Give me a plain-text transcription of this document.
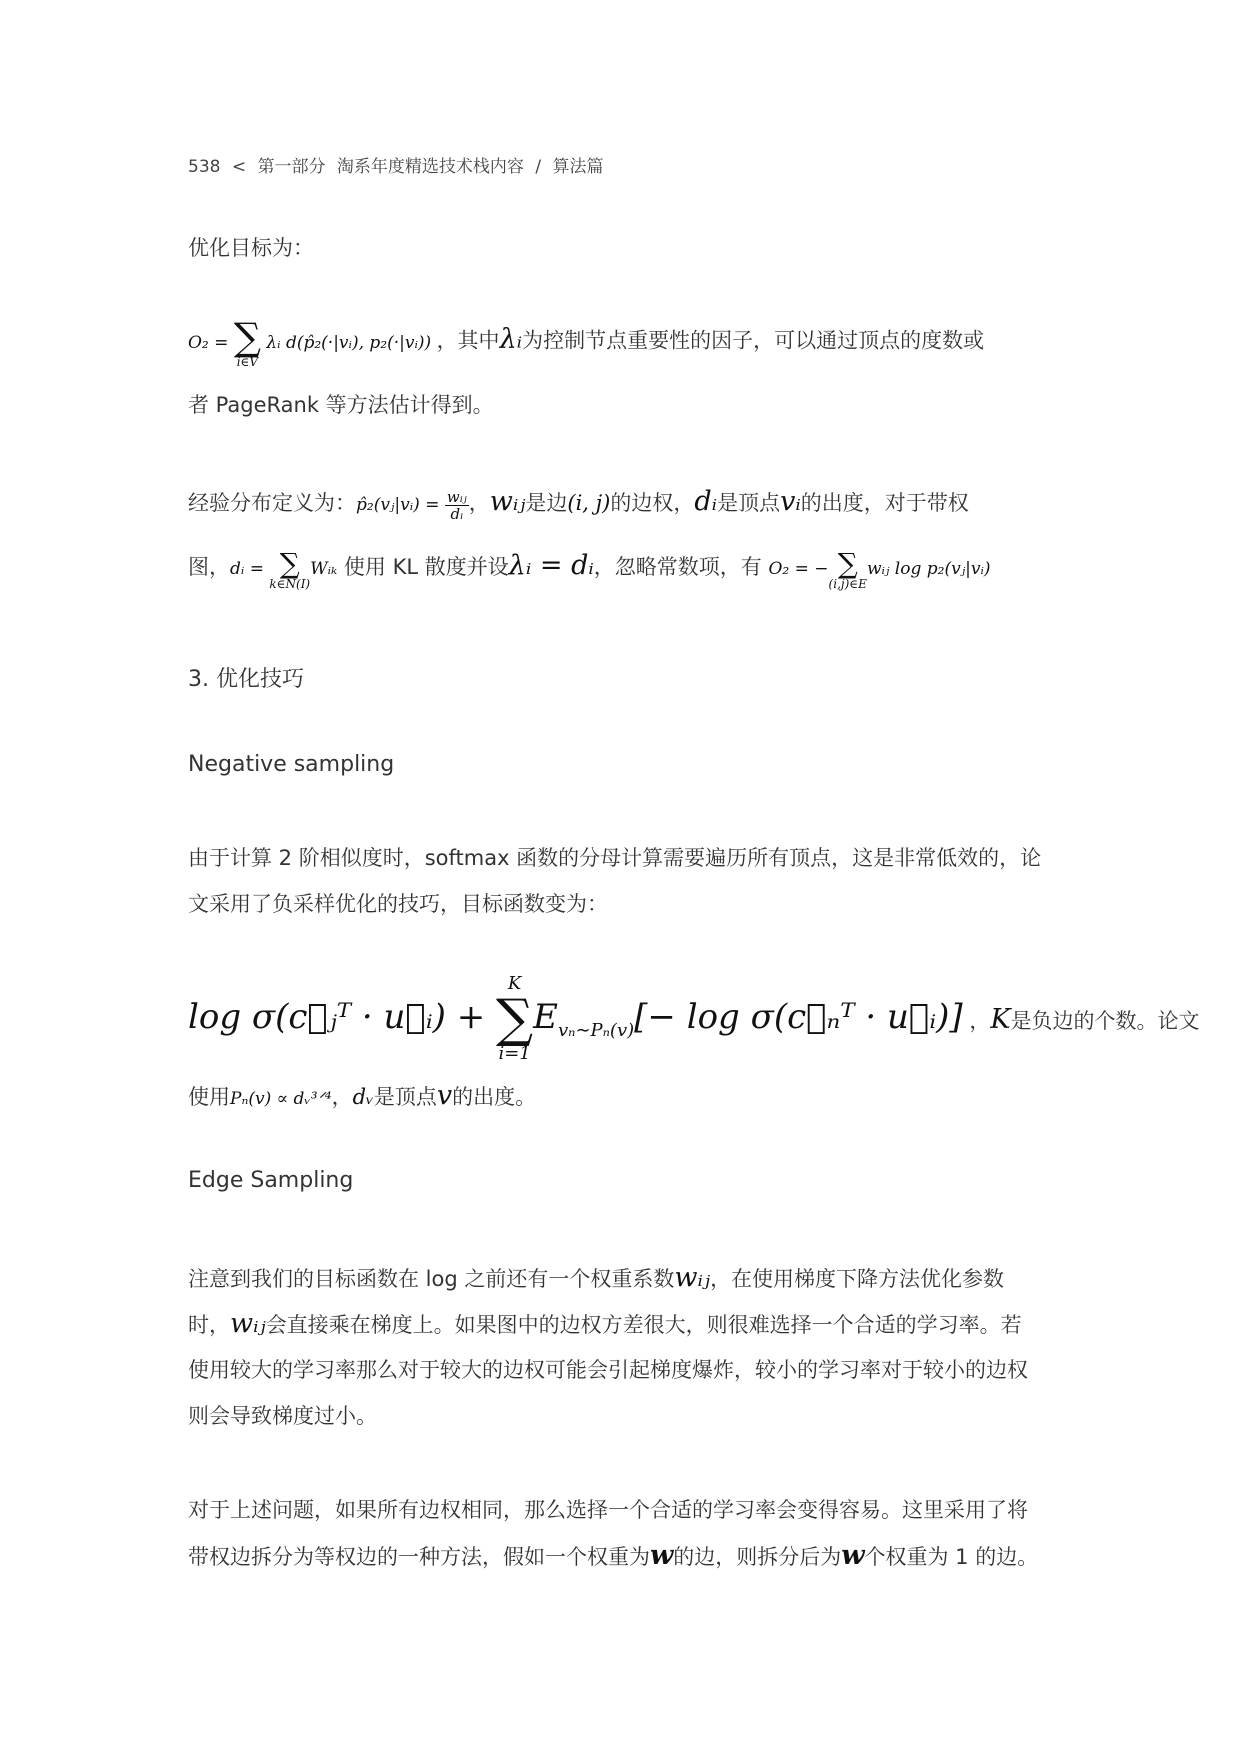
538 < 第一部分 淘系年度精选技术栈内容 / 算法篇
优化目标为：
O₂ = ∑
i∈V
λᵢ d(p̂₂(·|vᵢ), p₂(·|vᵢ)) ，其中λᵢ为控制节点重要性的因子，可以通过顶点的度数或
者 PageRank 等方法估计得到。
经验分布定义为：p̂₂(vⱼ|vᵢ) = $\frac{\text{wᵢⱼ}}{\text{dᵢ}}$ ，wᵢⱼ是边(i, j)的边权，dᵢ是顶点vᵢ的出度，对于带权
图，dᵢ = ∑
k∈N(I)
Wᵢₖ 使用 KL 散度并设λᵢ = dᵢ，忽略常数项，有 O₂ = − ∑
(i,j)∈E
wᵢⱼ log p₂(vⱼ|vᵢ)
3. 优化技巧
Negative sampling
由于计算 2 阶相似度时，softmax 函数的分母计算需要遍历所有顶点，这是非常低效的，论
文采用了负采样优化的技巧，目标函数变为：
log σ(c⃗ⱼᵀ · u⃗ᵢ) +
K
∑
i=1
$E_{v_n\sim P_n(v)}[- \log$ σ(c⃗ₙᵀ · u⃗ᵢ)] ，K是负边的个数。论文
使用Pₙ(v) ∝ dᵥ³ᐟ⁴，dᵥ是顶点v的出度。
Edge Sampling
注意到我们的目标函数在 log 之前还有一个权重系数wᵢⱼ，在使用梯度下降方法优化参数
时，wᵢⱼ会直接乘在梯度上。如果图中的边权方差很大，则很难选择一个合适的学习率。若
使用较大的学习率那么对于较大的边权可能会引起梯度爆炸，较小的学习率对于较小的边权
则会导致梯度过小。
对于上述问题，如果所有边权相同，那么选择一个合适的学习率会变得容易。这里采用了将
带权边拆分为等权边的一种方法，假如一个权重为w的边，则拆分后为w个权重为 1 的边。
